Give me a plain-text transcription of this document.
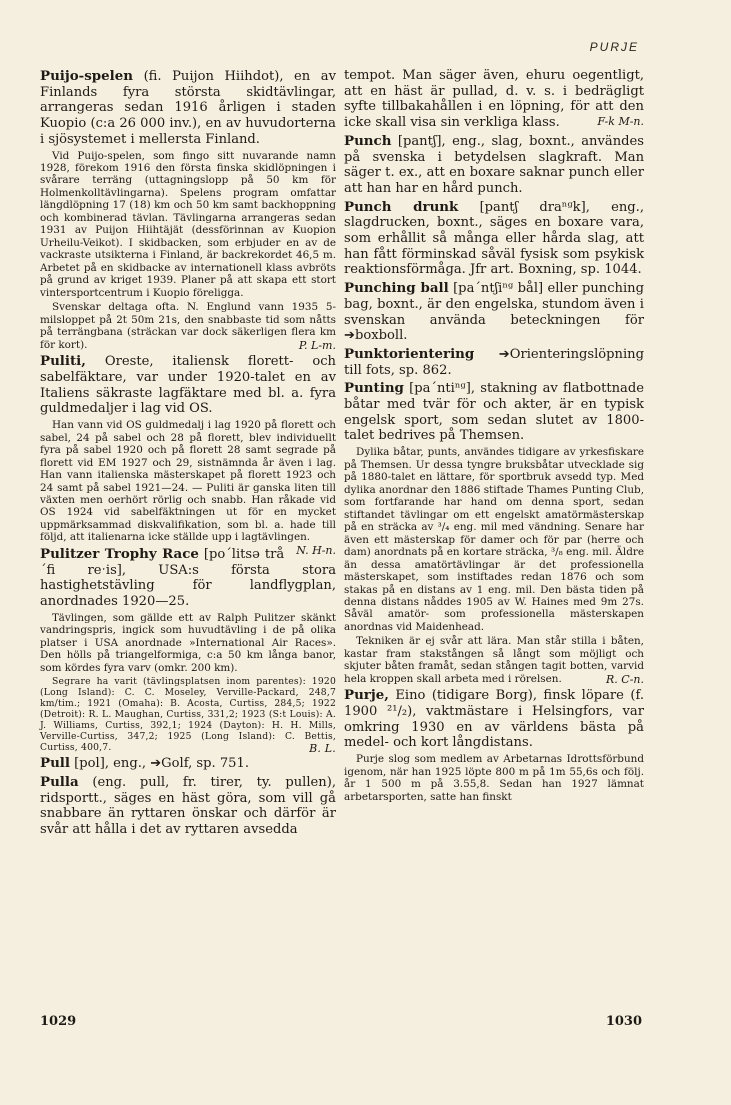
PURJE
Puijo-spelen (fi. Puijon Hiihdot), en av Finlands fyra största skidtävlingar, arrangeras sedan 1916 årligen i staden Kuopio (c:a 26 000 inv.), en av huvudorterna i sjösystemet i mellersta Finland.
Vid Puijo-spelen, som fingo sitt nuvarande namn 1928, förekom 1916 den första finska skidlöpningen i svårare terräng (uttagningslopp på 50 km för Holmenkolltävlingarna). Spelens program omfattar längdlöpning 17 (18) km och 50 km samt backhoppning och kombinerad tävlan. Tävlingarna arrangeras sedan 1931 av Puijon Hiihtäjät (dessförinnan av Kuopion Urheilu-Veikot). I skidbacken, som erbjuder en av de vackraste utsikterna i Finland, är backrekordet 46,5 m. Arbetet på en skidbacke av internationell klass avbröts på grund av kriget 1939. Planer på att skapa ett stort vintersportcentrum i Kuopio föreligga.
Svenskar deltaga ofta. N. Englund vann 1935 5-milsloppet på 2t 50m 21s, den snabbaste tid som nåtts på terrängbana (sträckan var dock säkerligen flera km för kort).	P. L-m.
Puliti, Oreste, italiensk florett- och sabelfäktare, var under 1920-talet en av Italiens säkraste lagfäktare med bl. a. fyra guldmedaljer i lag vid OS.
Han vann vid OS guldmedalj i lag 1920 på florett och sabel, 24 på sabel och 28 på florett, blev individuellt fyra på sabel 1920 och på florett 28 samt segrade på florett vid EM 1927 och 29, sistnämnda år även i lag. Han vann italienska mästerskapet på florett 1923 och 24 samt på sabel 1921—24. — Puliti är ganska liten till växten men oerhört rörlig och snabb. Han råkade vid OS 1924 vid sabelfäktningen ut för en mycket uppmärksammad diskvalifikation, som bl. a. hade till följd, att italienarna icke ställde upp i lagtävlingen.
N. H-n.
Pulitzer Trophy Race [po´litsə trå´fi reˑis], USA:s första stora hastighetstävling för landflygplan, anordnades 1920—25.
Tävlingen, som gällde ett av Ralph Pulitzer skänkt vandringspris, ingick som huvudtävling i de på olika platser i USA anordnade »International Air Races». Den hölls på triangelformiga, c:a 50 km långa banor, som kördes fyra varv (omkr. 200 km).
Segrare ha varit (tävlingsplatsen inom parentes): 1920 (Long Island): C. C. Moseley, Verville-Packard, 248,7 km/tim.; 1921 (Omaha): B. Acosta, Curtiss, 284,5; 1922 (Detroit): R. L. Maughan, Curtiss, 331,2; 1923 (S:t Louis): A. J. Williams, Curtiss, 392,1; 1924 (Dayton): H. H. Mills, Verville-Curtiss, 347,2; 1925 (Long Island): C. Bettis, Curtiss, 400,7.	B. L.
Pull [pol], eng., ➔Golf, sp. 751.
Pulla (eng. pull, fr. tirer, ty. pullen), ridsportt., säges en häst göra, som vill gå snabbare än ryttaren önskar och därför är svår att hålla i det av ryttaren avsedda
tempot. Man säger även, ehuru oegentligt, att en häst är pullad, d. v. s. i bedrägligt syfte tillbakahållen i en löpning, för att den icke skall visa sin verkliga klass.	F-k M-n.
Punch [pantʃ], eng., slag, boxnt., användes på svenska i betydelsen slagkraft. Man säger t. ex., att en boxare saknar punch eller att han har en hård punch.
Punch drunk [pantʃ draⁿᵍk], eng., slagdrucken, boxnt., säges en boxare vara, som erhållit så många eller hårda slag, att han fått förminskad såväl fysisk som psykisk reaktionsförmåga. Jfr art. Boxning, sp. 1044.
Punching ball [pa´ntʃiⁿᵍ bål] eller punching bag, boxnt., är den engelska, stundom även i svenskan använda beteckningen för ➔boxboll.
Punktorientering ➔Orienteringslöpning till fots, sp. 862.
Punting [pa´ntiⁿᵍ], stakning av flatbottnade båtar med tvär för och akter, är en typisk engelsk sport, som sedan slutet av 1800-talet bedrives på Themsen.
Dylika båtar, punts, användes tidigare av yrkesfiskare på Themsen. Ur dessa tyngre bruksbåtar utvecklade sig på 1880-talet en lättare, för sportbruk avsedd typ. Med dylika anordnar den 1886 stiftade Thames Punting Club, som fortfarande har hand om denna sport, sedan stiftandet tävlingar om ett engelskt amatörmästerskap på en sträcka av ³/₄ eng. mil med vändning. Senare har även ett mästerskap för damer och för par (herre och dam) anordnats på en kortare sträcka, ³/₈ eng. mil. Äldre än dessa amatörtävlingar är det professionella mästerskapet, som instiftades redan 1876 och som stakas på en distans av 1 eng. mil. Den bästa tiden på denna distans nåddes 1905 av W. Haines med 9m 27s. Såväl amatör- som professionella mästerskapen anordnas vid Maidenhead.
Tekniken är ej svår att lära. Man står stilla i båten, kastar fram stakstången så långt som möjligt och skjuter båten framåt, sedan stången tagit botten, varvid hela kroppen skall arbeta med i rörelsen.	R. C-n.
Purje, Eino (tidigare Borg), finsk löpare (f. 1900 ²¹/₂), vaktmästare i Helsingfors, var omkring 1930 en av världens bästa på medel- och kort långdistans.
Purje slog som medlem av Arbetarnas Idrottsförbund igenom, när han 1925 löpte 800 m på 1m 55,6s och följ. år 1 500 m på 3.55,8. Sedan han 1927 lämnat arbetarsporten, satte han finskt
1029	1030
